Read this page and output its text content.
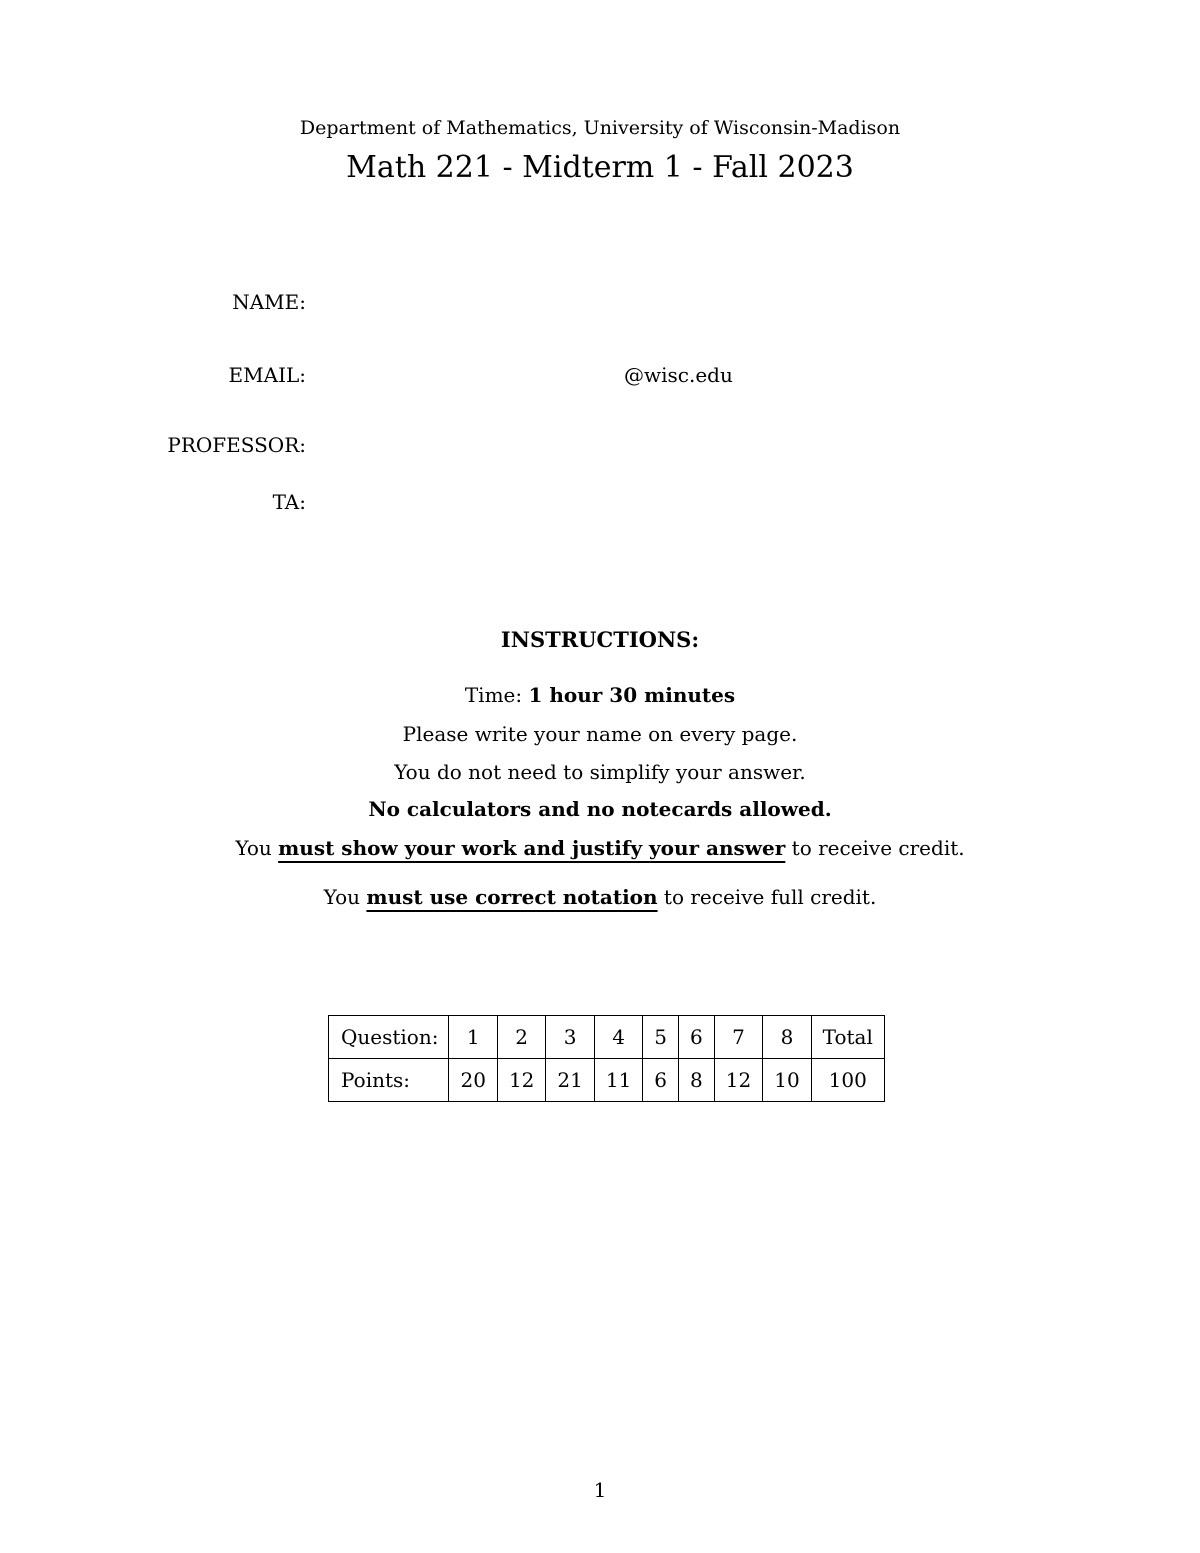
Department of Mathematics, University of Wisconsin-Madison
Math 221 - Midterm 1 - Fall 2023
NAME:
EMAIL:	@wisc.edu
PROFESSOR:
TA:
INSTRUCTIONS:
Time: 1 hour 30 minutes
Please write your name on every page.
You do not need to simplify your answer.
No calculators and no notecards allowed.
You must show your work and justify your answer to receive credit.
You must use correct notation to receive full credit.
Question:	1	2	3	4	5	6	7	8	Total
Points:	20	12	21	11	6	8	12	10	100
1
